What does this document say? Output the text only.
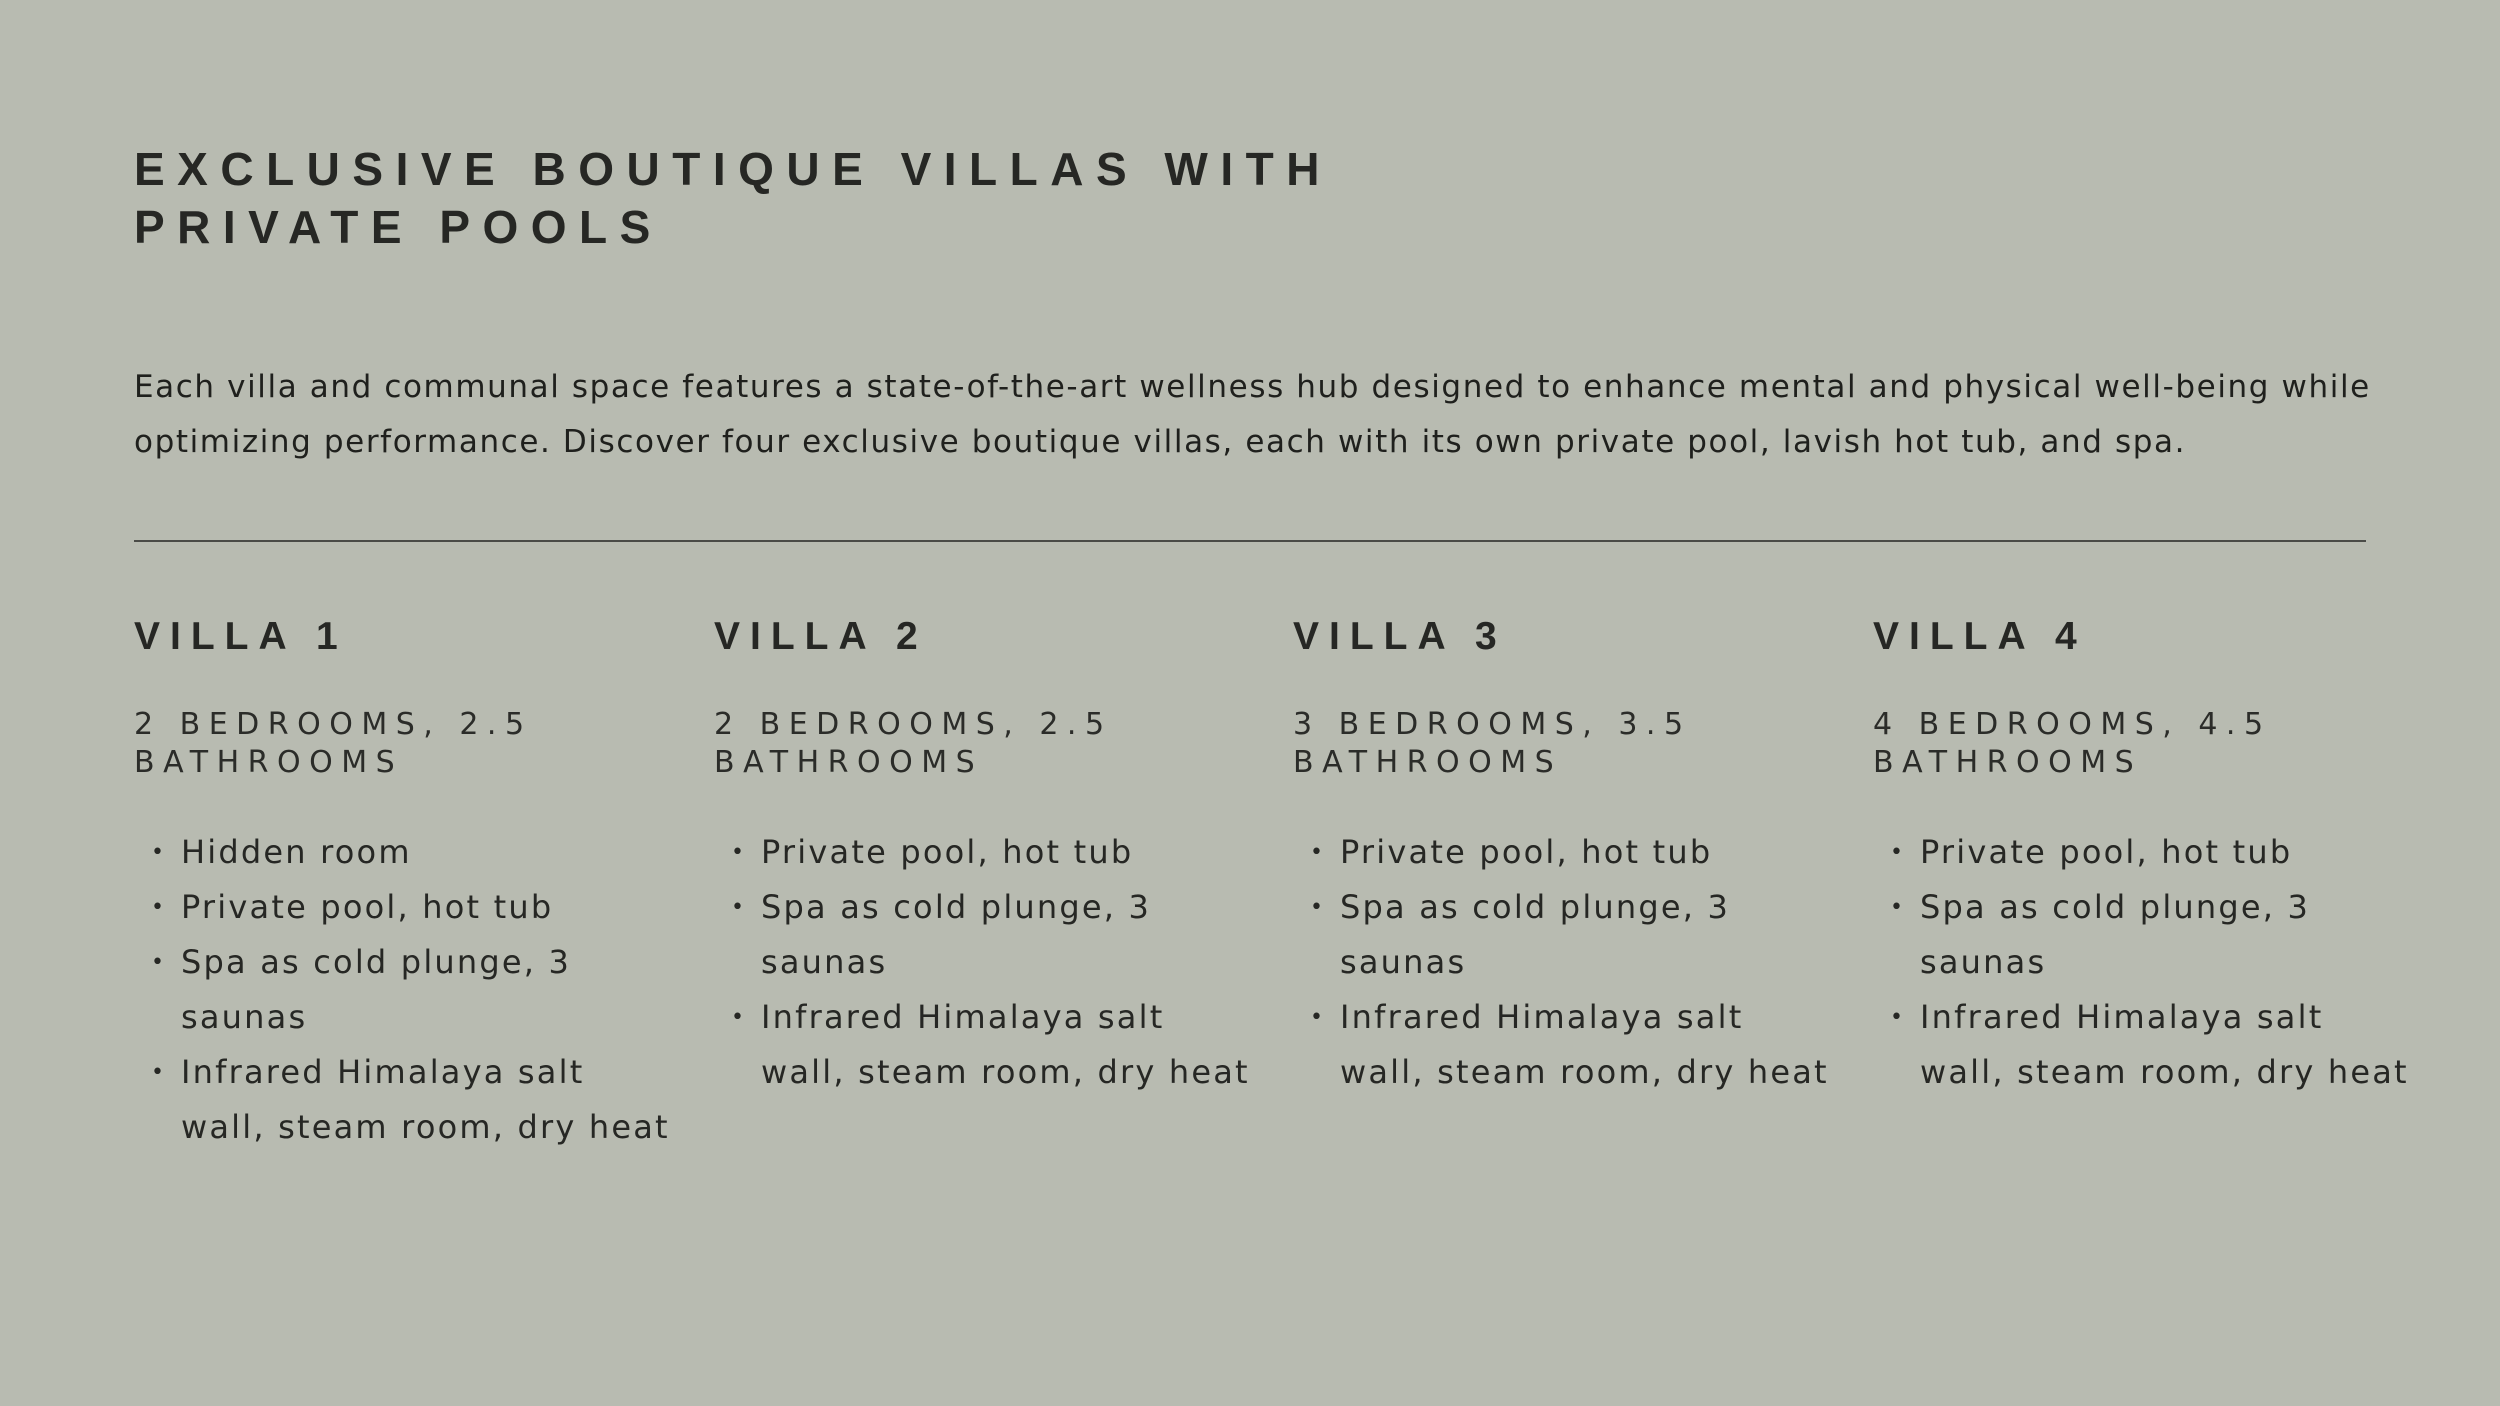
EXCLUSIVE BOUTIQUE VILLAS WITH
PRIVATE POOLS

Each villa and communal space features a state-of-the-art wellness hub designed to enhance mental and physical well-being while
optimizing performance. Discover four exclusive boutique villas, each with its own private pool, lavish hot tub, and spa.

VILLA 1

2 BEDROOMS, 2.5
BATHROOMS

• Hidden room
• Private pool, hot tub
• Spa as cold plunge, 3
saunas
• Infrared Himalaya salt
wall, steam room, dry heat
VILLA 2

2 BEDROOMS, 2.5
BATHROOMS

• Private pool, hot tub
• Spa as cold plunge, 3
saunas
• Infrared Himalaya salt
wall, steam room, dry heat
VILLA 3

3 BEDROOMS, 3.5
BATHROOMS

• Private pool, hot tub
• Spa as cold plunge, 3
saunas
• Infrared Himalaya salt
wall, steam room, dry heat
VILLA 4

4 BEDROOMS, 4.5
BATHROOMS

• Private pool, hot tub
• Spa as cold plunge, 3
saunas
• Infrared Himalaya salt
wall, steam room, dry heat
